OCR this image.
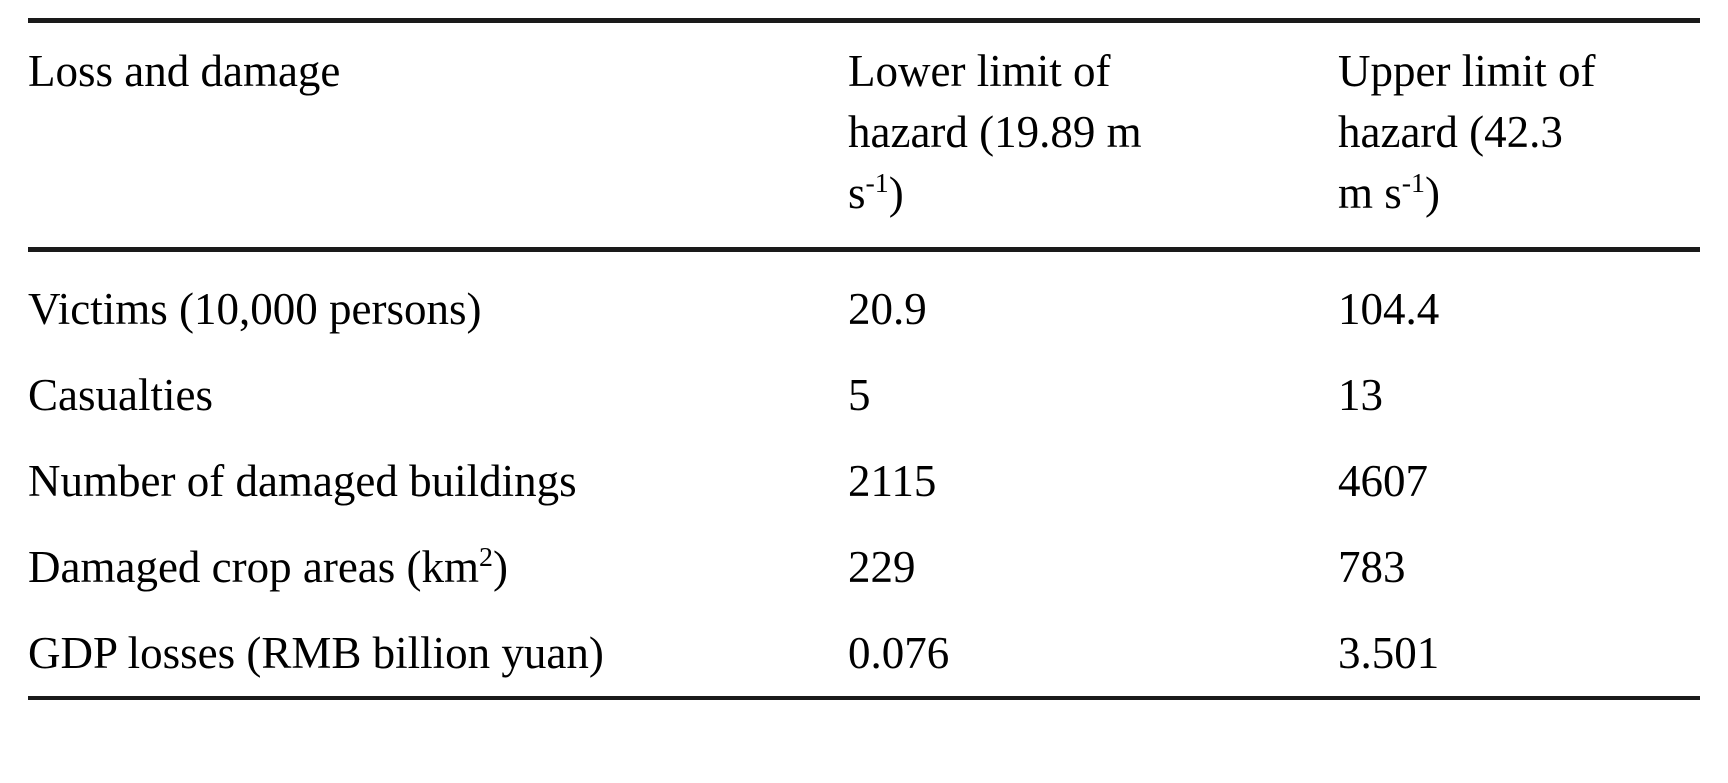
Loss and damage	Lower limit of
hazard (19.89 m
$s^{-1}$)	Upper limit of
hazard (42.3
m $s^{-1}$)

Victims (10,000 persons)	20.9	104.4
Casualties	5	13
Number of damaged buildings	2115	4607
Damaged crop areas $(km^2)$	229	783
GDP losses (RMB billion yuan)	0.076	3.501
